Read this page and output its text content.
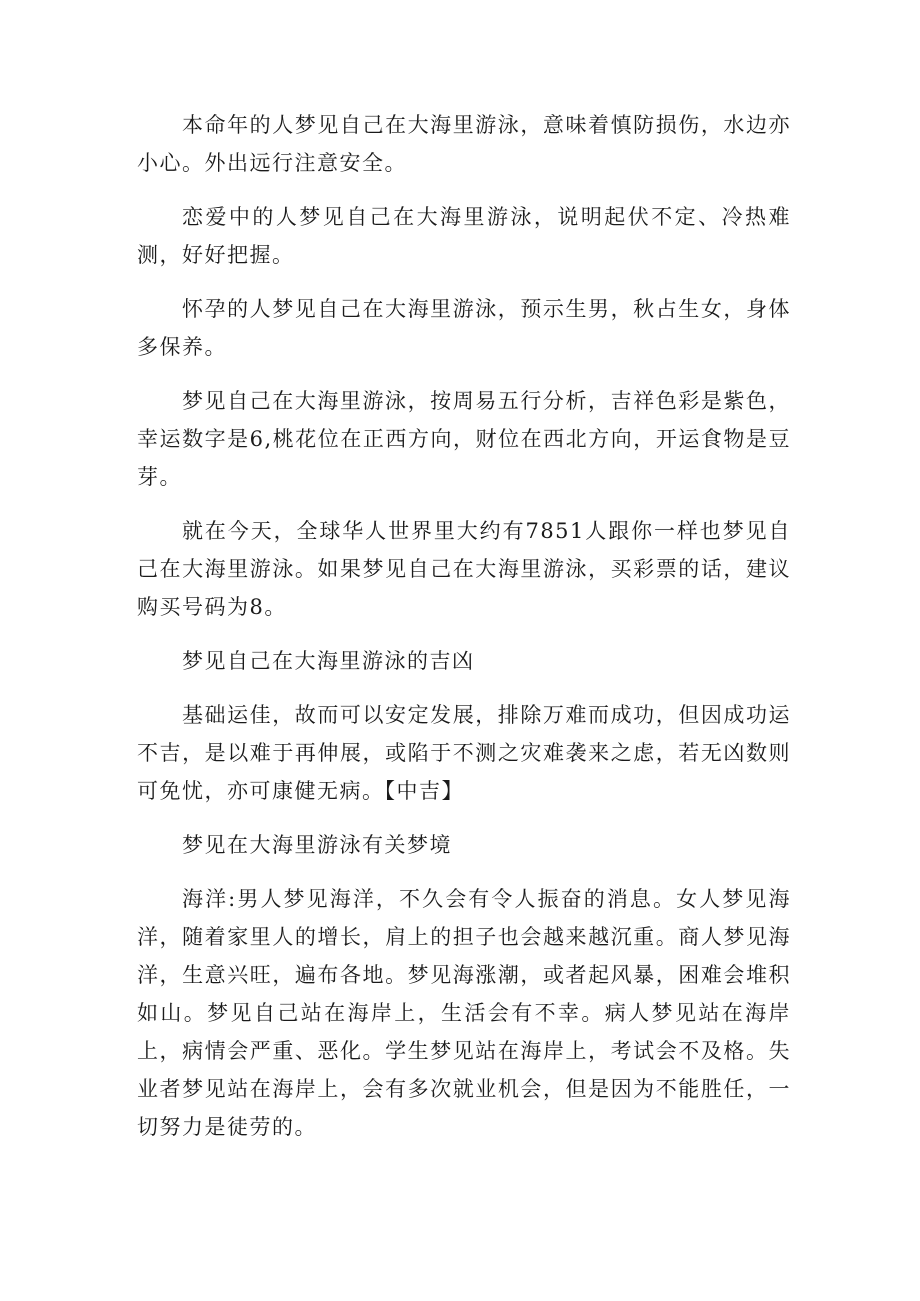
本命年的人梦见自己在大海里游泳，意味着慎防损伤，水边亦小心。外出远行注意安全。

恋爱中的人梦见自己在大海里游泳，说明起伏不定、冷热难测，好好把握。

怀孕的人梦见自己在大海里游泳，预示生男，秋占生女，身体多保养。

梦见自己在大海里游泳，按周易五行分析，吉祥色彩是紫色，幸运数字是6,桃花位在正西方向，财位在西北方向，开运食物是豆芽。

就在今天，全球华人世界里大约有7851人跟你一样也梦见自己在大海里游泳。如果梦见自己在大海里游泳，买彩票的话，建议购买号码为8。

梦见自己在大海里游泳的吉凶

基础运佳，故而可以安定发展，排除万难而成功，但因成功运不吉，是以难于再伸展，或陷于不测之灾难袭来之虑，若无凶数则可免忧，亦可康健无病。【中吉】

梦见在大海里游泳有关梦境

海洋:男人梦见海洋，不久会有令人振奋的消息。女人梦见海洋，随着家里人的增长，肩上的担子也会越来越沉重。商人梦见海洋，生意兴旺，遍布各地。梦见海涨潮，或者起风暴，困难会堆积如山。梦见自己站在海岸上，生活会有不幸。病人梦见站在海岸上，病情会严重、恶化。学生梦见站在海岸上，考试会不及格。失业者梦见站在海岸上，会有多次就业机会，但是因为不能胜任，一切努力是徒劳的。
